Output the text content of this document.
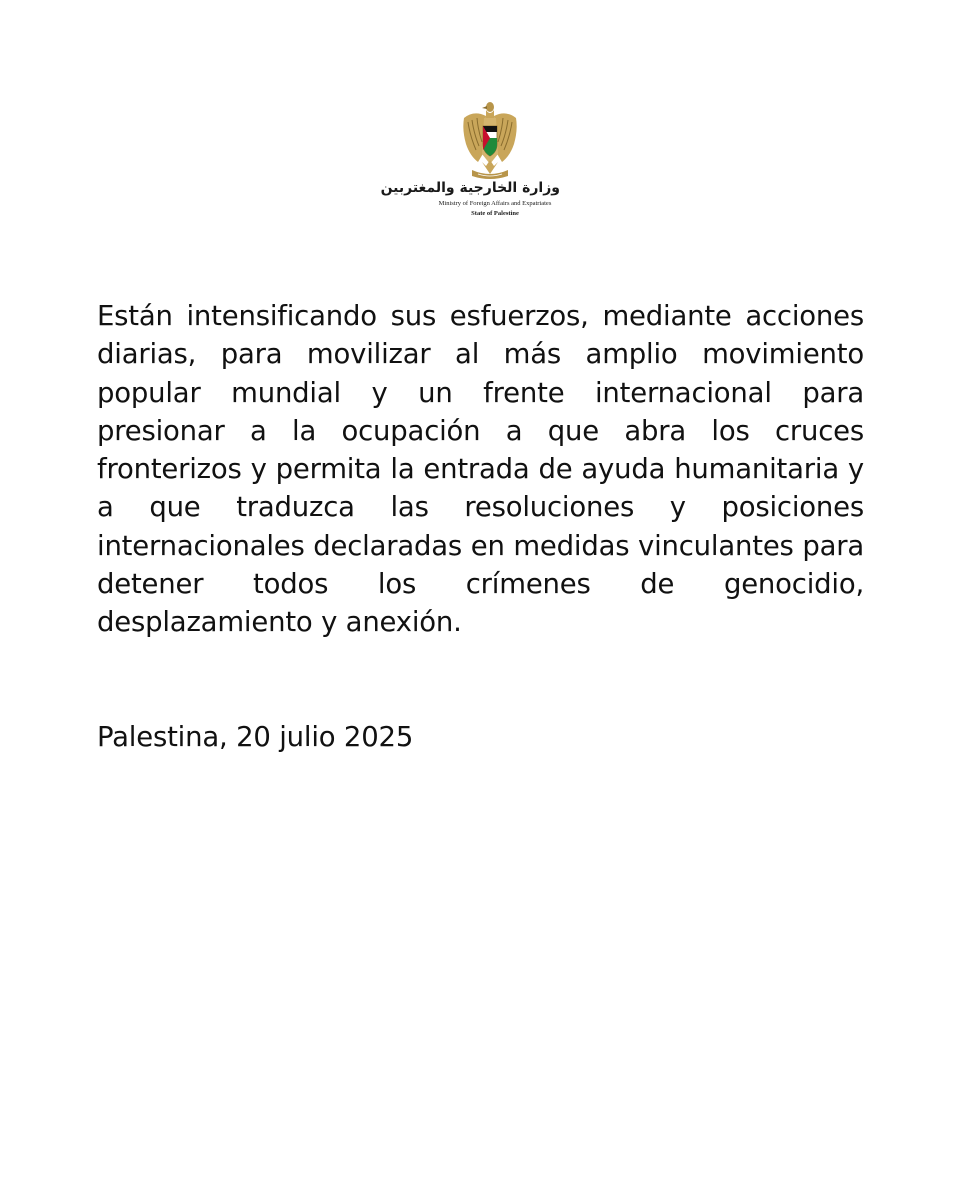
وزارة الخارجية والمغتربين
Ministry of Foreign Affairs and Expatriates
State of Palestine

Están intensificando sus esfuerzos, mediante acciones diarias, para movilizar al más amplio movimiento popular mundial y un frente internacional para presionar a la ocupación a que abra los cruces fronterizos y permita la entrada de ayuda humanitaria y a que traduzca las resoluciones y posiciones internacionales declaradas en medidas vinculantes para detener todos los crímenes de genocidio, desplazamiento y anexión.

Palestina, 20 julio 2025
